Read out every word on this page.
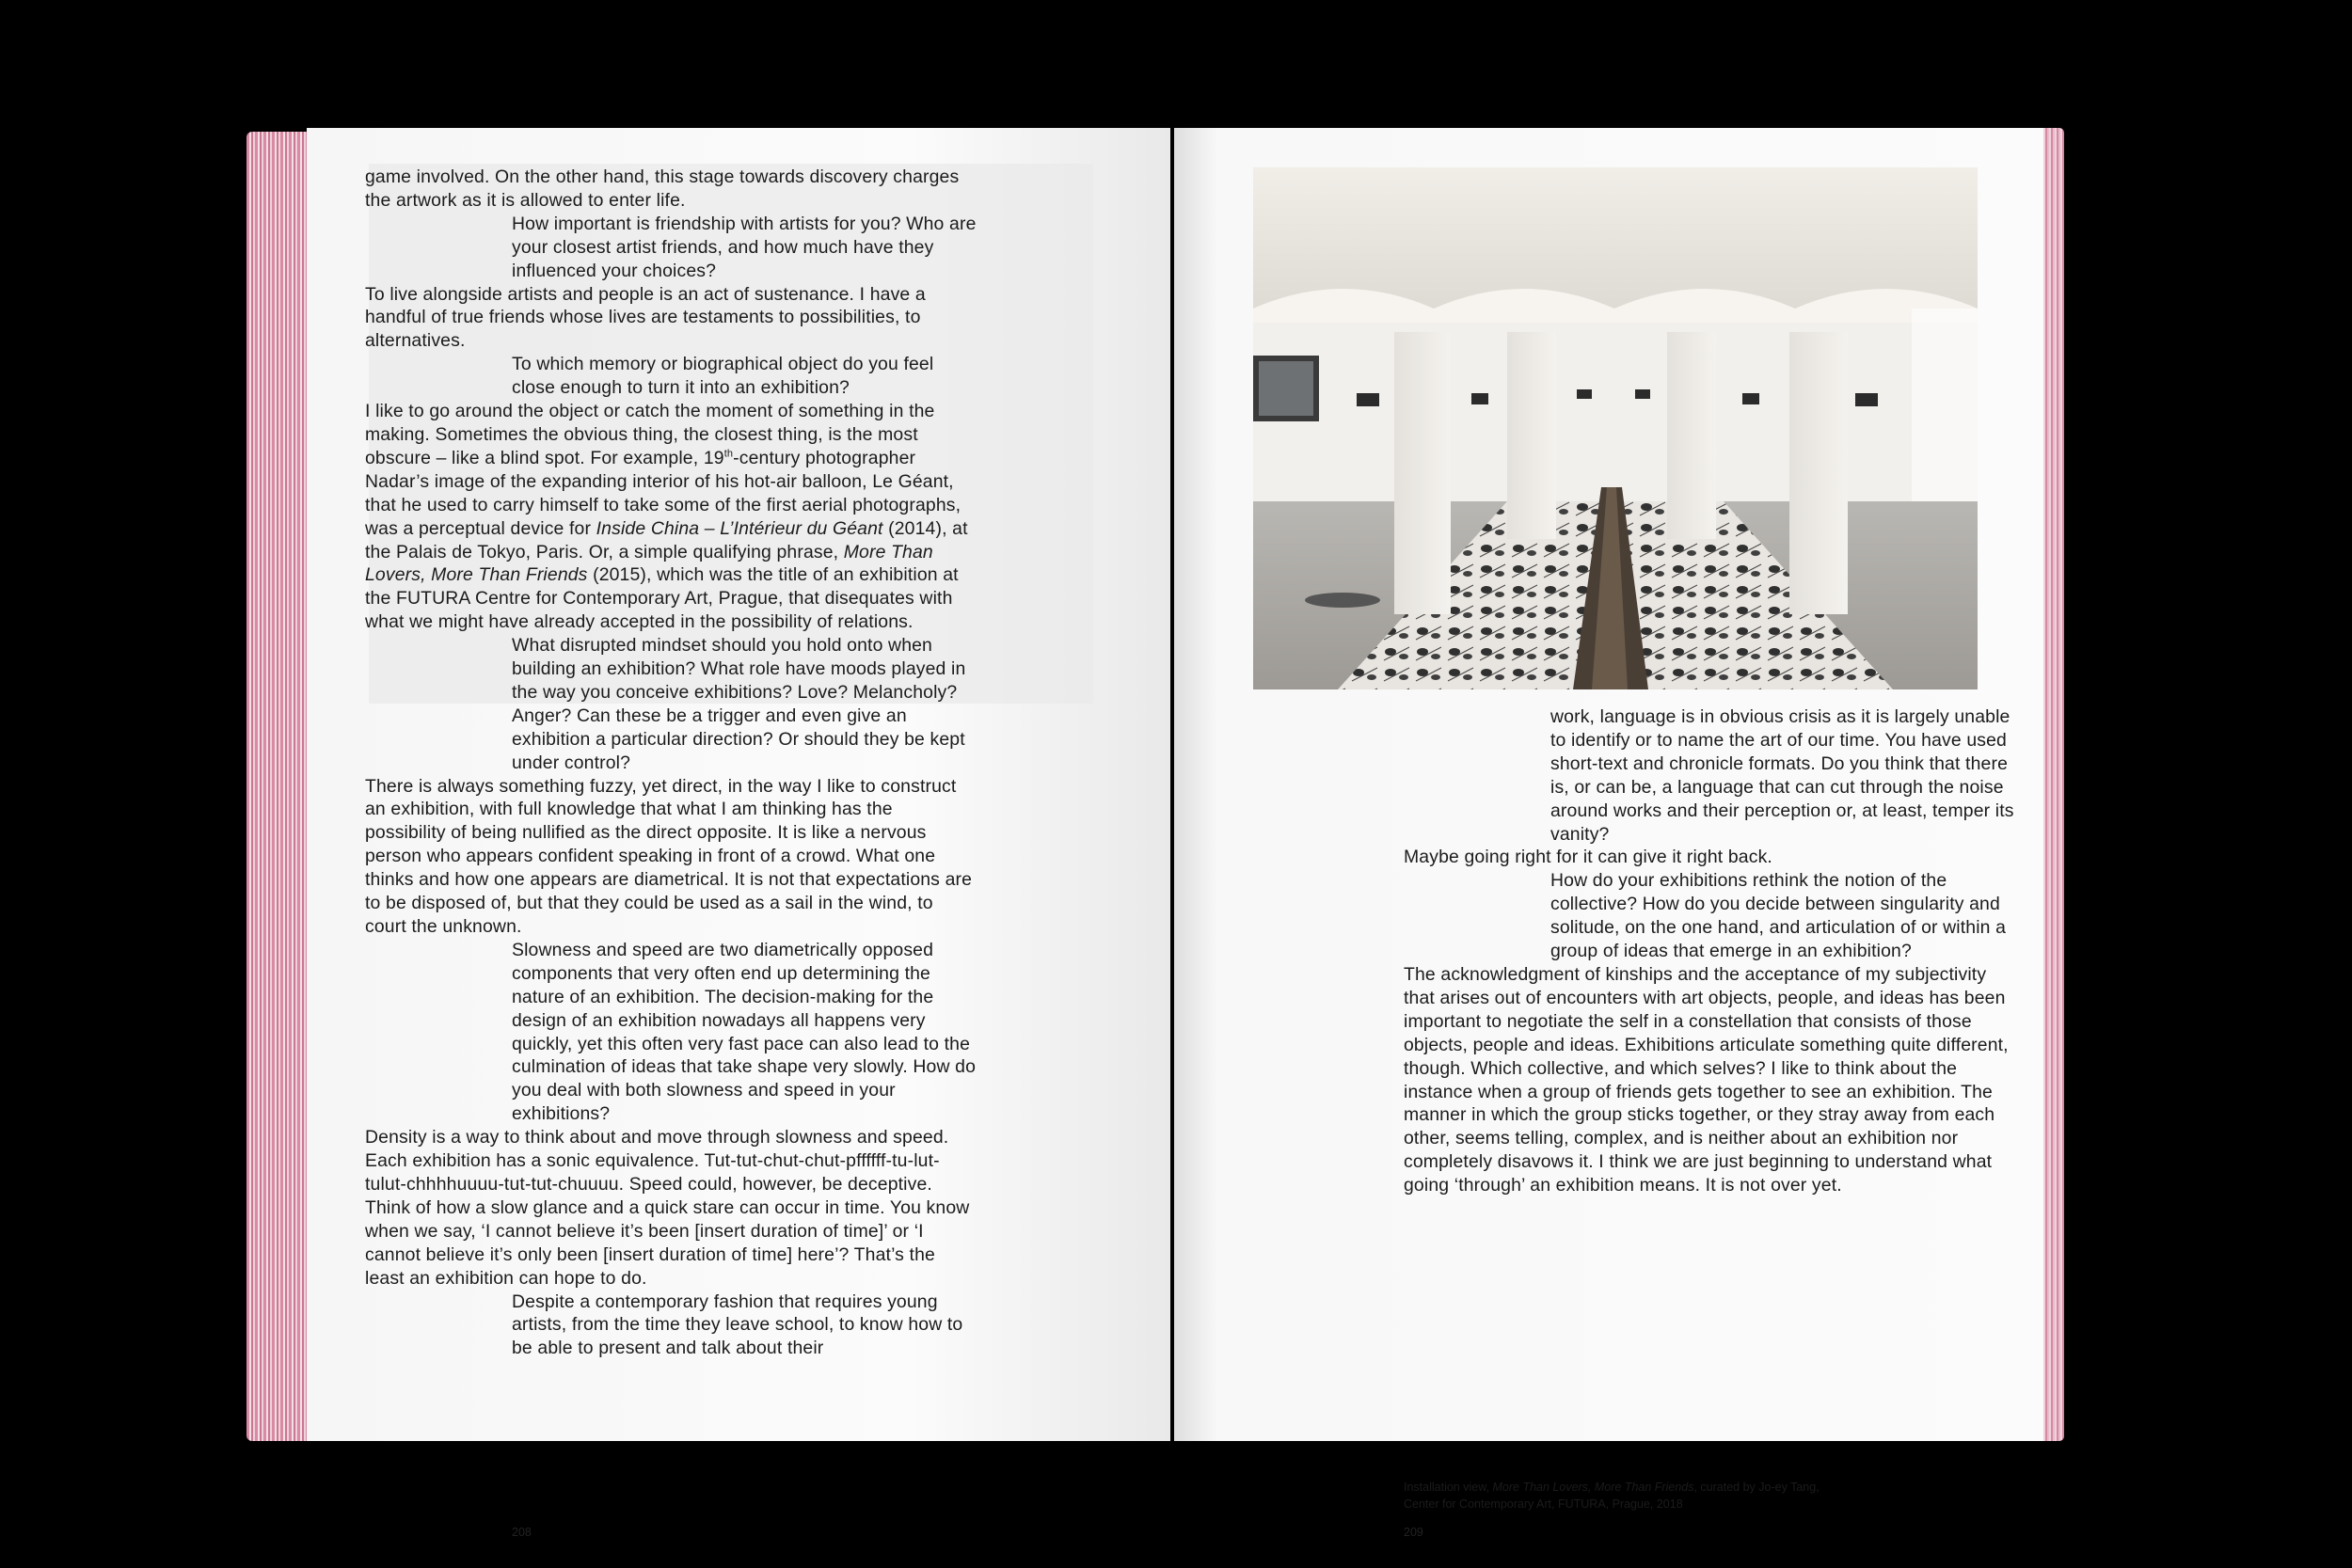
game involved. On the other hand, this stage towards discovery charges the artwork as it is allowed to enter life.

How important is friendship with artists for you? Who are your closest artist friends, and how much have they influenced your choices?

To live alongside artists and people is an act of sustenance. I have a handful of true friends whose lives are testaments to possibilities, to alternatives.

To which memory or biographical object do you feel close enough to turn it into an exhibition?

I like to go around the object or catch the moment of something in the making. Sometimes the obvious thing, the closest thing, is the most obscure – like a blind spot. For example, 19th-century photographer Nadar’s image of the expanding interior of his hot-air balloon, Le Géant, that he used to carry himself to take some of the first aerial photographs, was a perceptual device for Inside China – L’Intérieur du Géant (2014), at the Palais de Tokyo, Paris. Or, a simple qualifying phrase, More Than Lovers, More Than Friends (2015), which was the title of an exhibition at the FUTURA Centre for Contemporary Art, Prague, that disequates with what we might have already accepted in the possibility of relations.

What disrupted mindset should you hold onto when building an exhibition? What role have moods played in the way you conceive exhibitions? Love? Melancholy? Anger? Can these be a trigger and even give an exhibition a particular direction? Or should they be kept under control?

There is always something fuzzy, yet direct, in the way I like to construct an exhibition, with full knowledge that what I am thinking has the possibility of being nullified as the direct opposite. It is like a nervous person who appears confident speaking in front of a crowd. What one thinks and how one appears are diametrical. It is not that expectations are to be disposed of, but that they could be used as a sail in the wind, to court the unknown.

Slowness and speed are two diametrically opposed components that very often end up determining the nature of an exhibition. The decision-making for the design of an exhibition nowadays all happens very quickly, yet this often very fast pace can also lead to the culmination of ideas that take shape very slowly. How do you deal with both slowness and speed in your exhibitions?

Density is a way to think about and move through slowness and speed. Each exhibition has a sonic equivalence. Tut-tut-chut-chut-pffffff-tu-lut-tulut-chhhhuuuu-tut-tut-chuuuu. Speed could, however, be deceptive. Think of how a slow glance and a quick stare can occur in time. You know when we say, ‘I cannot believe it’s been [insert duration of time]’ or ‘I cannot believe it’s only been [insert duration of time] here’? That’s the least an exhibition can hope to do.

Despite a contemporary fashion that requires young artists, from the time they leave school, to know how to be able to present and talk about their

208

work, language is in obvious crisis as it is largely unable to identify or to name the art of our time. You have used short-text and chronicle formats. Do you think that there is, or can be, a language that can cut through the noise around works and their perception or, at least, temper its vanity?

Maybe going right for it can give it right back.

How do your exhibitions rethink the notion of the collective? How do you decide between singularity and solitude, on the one hand, and articulation of or within a group of ideas that emerge in an exhibition?

The acknowledgment of kinships and the acceptance of my subjectivity that arises out of encounters with art objects, people, and ideas has been important to negotiate the self in a constellation that consists of those objects, people and ideas. Exhibitions articulate something quite different, though. Which collective, and which selves? I like to think about the instance when a group of friends gets together to see an exhibition. The manner in which the group sticks together, or they stray away from each other, seems telling, complex, and is neither about an exhibition nor completely disavows it. I think we are just beginning to understand what going ‘through’ an exhibition means. It is not over yet.

Installation view, More Than Lovers, More Than Friends, curated by Jo-ey Tang,
Center for Contemporary Art, FUTURA, Prague, 2018
209
